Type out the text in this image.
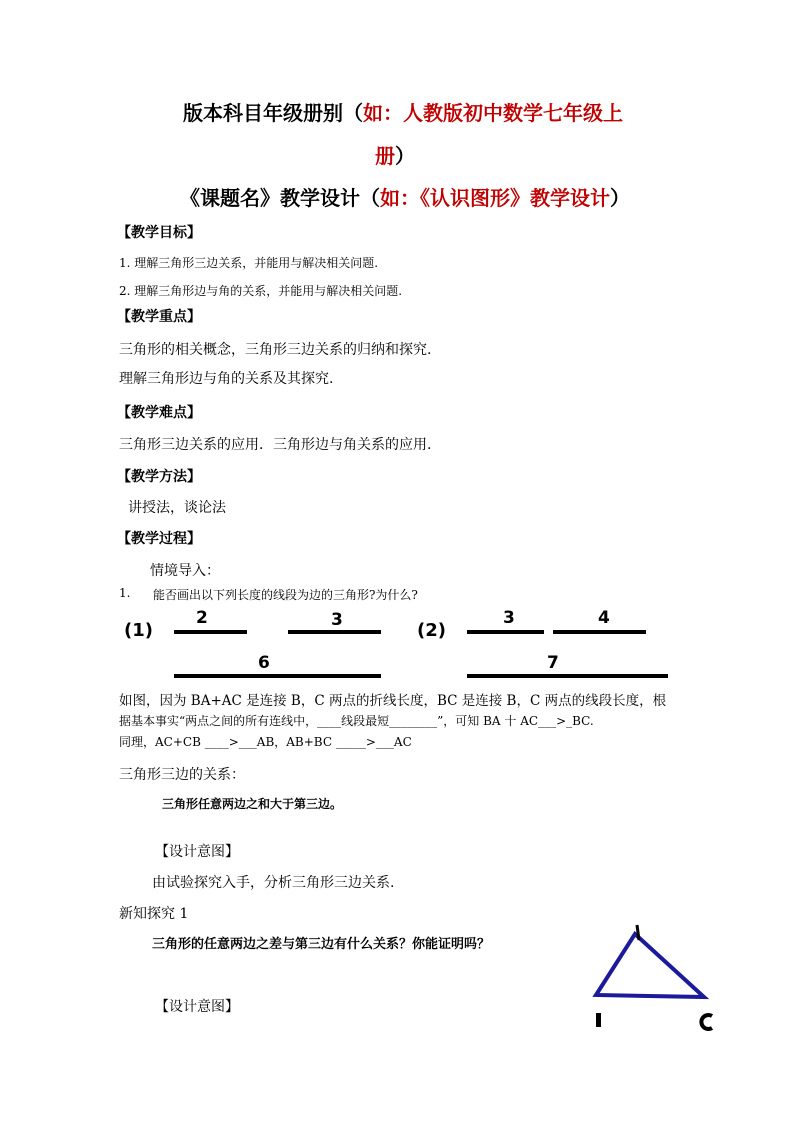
版本科目年级册别（如：人教版初中数学七年级上
册）
《课题名》教学设计（如：《认识图形》教学设计）
【教学目标】
1. 理解三角形三边关系，并能用与解决相关问题.
2. 理解三角形边与角的关系，并能用与解决相关问题.
【教学重点】
三角形的相关概念，三角形三边关系的归纳和探究.
理解三角形边与角的关系及其探究.
【教学难点】
三角形三边关系的应用．三角形边与角关系的应用.
【教学方法】
讲授法，谈论法
【教学过程】
情境导入：
1. 能否画出以下列长度的线段为边的三角形?为什么?
(1)	(2)
2	3
6
3	4
7
如图，因为 BA+AC 是连接 B，C 两点的折线长度，BC 是连接 B，C 两点的线段长度，根
据基本事实“两点之间的所有连线中，____线段最短________”，可知 BA 十 AC___>_BC.
同理，AC+CB ____>___AB，AB+BC _____>___AC
三角形三边的关系：
三角形任意两边之和大于第三边。
【设计意图】
由试验探究入手，分析三角形三边关系.
新知探究 1
三角形的任意两边之差与第三边有什么关系？你能证明吗？
【设计意图】
